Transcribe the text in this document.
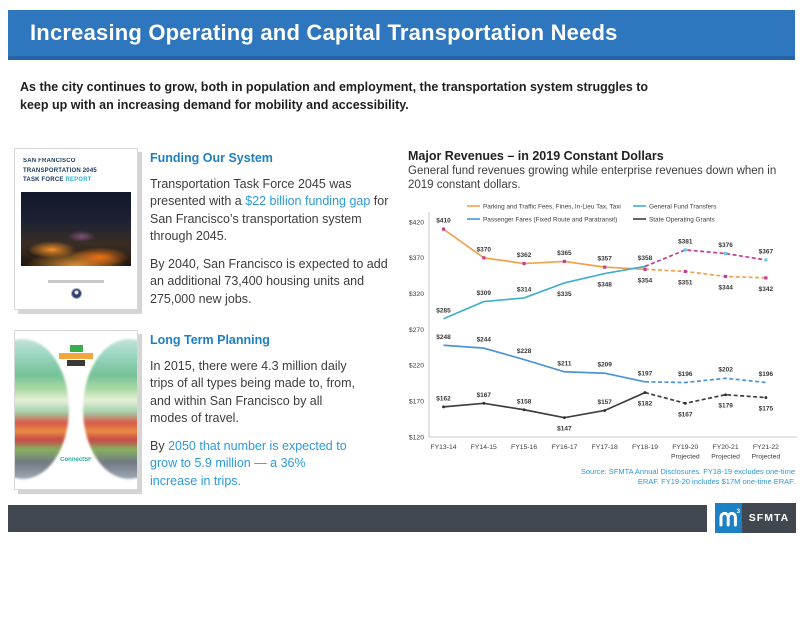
Increasing Operating and Capital Transportation Needs
As the city continues to grow, both in population and employment, the transportation system struggles to keep up with an increasing demand for mobility and accessibility.
SAN FRANCISCO TRANSPORTATION 2045 TASK FORCE REPORT
Funding Our System

Transportation Task Force 2045 was presented with a $22 billion funding gap for San Francisco’s transportation system through 2045.

By 2040, San Francisco is expected to add an additional 73,400 housing units and 275,000 new jobs.

ConnectSF
Long Term Planning

In 2015, there were 4.3 million daily trips of all types being made to, from, and within San Francisco by all modes of travel.

By 2050 that number is expected to grow to 5.9 million — a 36% increase in trips.

Major Revenues – in 2019 Constant Dollars
General fund revenues growing while enterprise revenues down when in 2019 constant dollars.
$420
$370
$320
$270
$220
$170
$120
FY13-14 FY14-15 FY15-16 FY16-17 FY17-18 FY18-19 FY19-20
Projected
FY20-21
Projected
FY21-22
Projected
$410
$370
$362	$365
$357
$354	$351
$344	$342
$285
$309
$314
$335
$348
$358
$381
$376
$367
$248	$244
$228
$211	$209
$197	$196
$202
$196
$162
$167
$158
$147
$157	$182
$167
$179	$175
Parking and Traffic Fees, Fines, In-Lieu Tax, Taxi
Passenger Fares (Fixed Route and Paratransit)
General Fund Transfers
State Operating Grants
Source: SFMTA Annual Disclosures. FY18-19 excludes one-time ERAF. FY19-20 includes $17M one-time ERAF.
3
SFMTA
